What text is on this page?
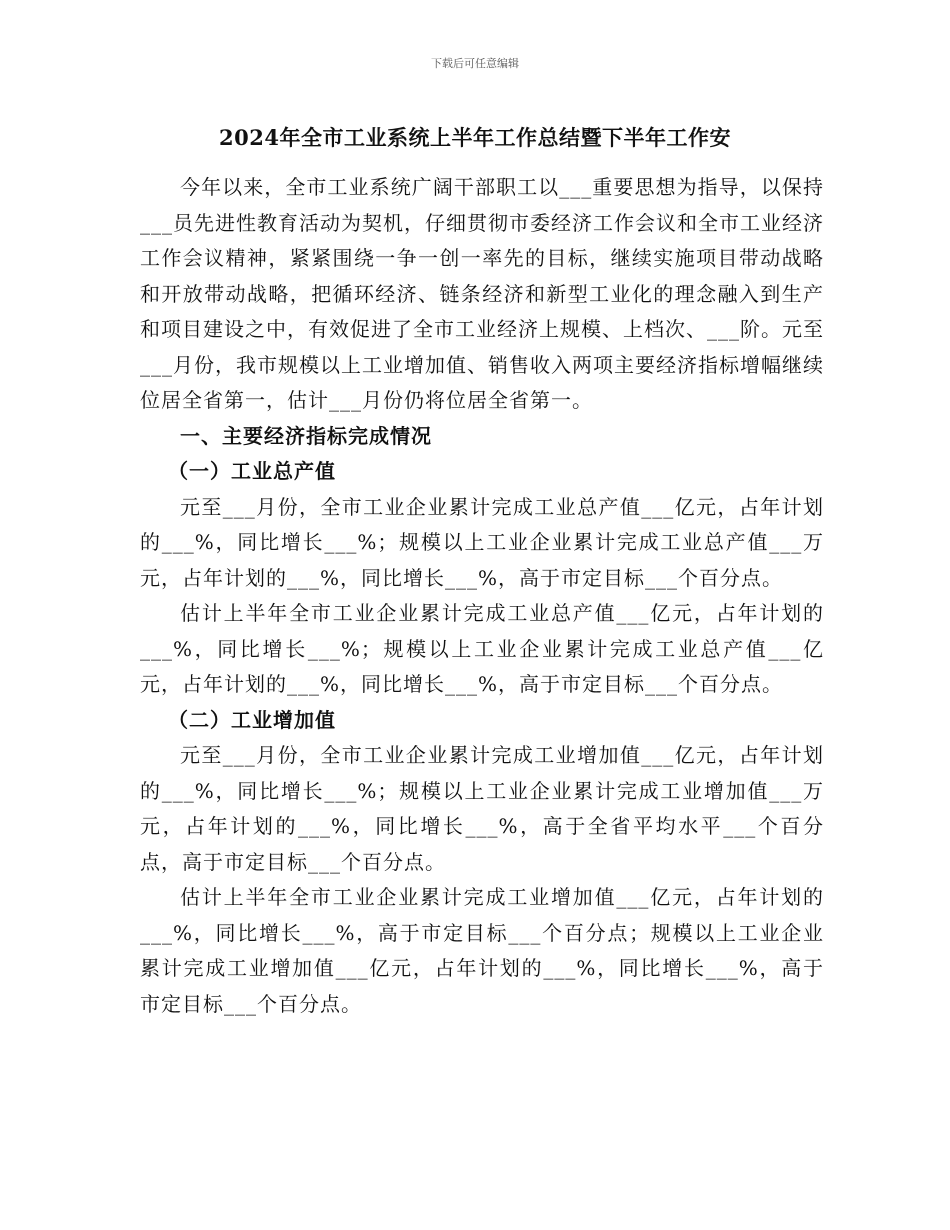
下载后可任意编辑
2024年全市工业系统上半年工作总结暨下半年工作安

今年以来，全市工业系统广阔干部职工以___重要思想为指导，以保持___员先进性教育活动为契机，仔细贯彻市委经济工作会议和全市工业经济工作会议精神，紧紧围绕一争一创一率先的目标，继续实施项目带动战略和开放带动战略，把循环经济、链条经济和新型工业化的理念融入到生产和项目建设之中，有效促进了全市工业经济上规模、上档次、___阶。元至___月份，我市规模以上工业增加值、销售收入两项主要经济指标增幅继续位居全省第一，估计___月份仍将位居全省第一。

一、主要经济指标完成情况

（一）工业总产值

元至___月份，全市工业企业累计完成工业总产值___亿元，占年计划的___%，同比增长___%；规模以上工业企业累计完成工业总产值___万元，占年计划的___%，同比增长___%，高于市定目标___个百分点。

估计上半年全市工业企业累计完成工业总产值___亿元，占年计划的___%，同比增长___%；规模以上工业企业累计完成工业总产值___亿元，占年计划的___%，同比增长___%，高于市定目标___个百分点。

（二）工业增加值

元至___月份，全市工业企业累计完成工业增加值___亿元，占年计划的___%，同比增长___%；规模以上工业企业累计完成工业增加值___万元，占年计划的___%，同比增长___%，高于全省平均水平___个百分点，高于市定目标___个百分点。

估计上半年全市工业企业累计完成工业增加值___亿元，占年计划的___%，同比增长___%，高于市定目标___个百分点；规模以上工业企业累计完成工业增加值___亿元，占年计划的___%，同比增长___%，高于市定目标___个百分点。
